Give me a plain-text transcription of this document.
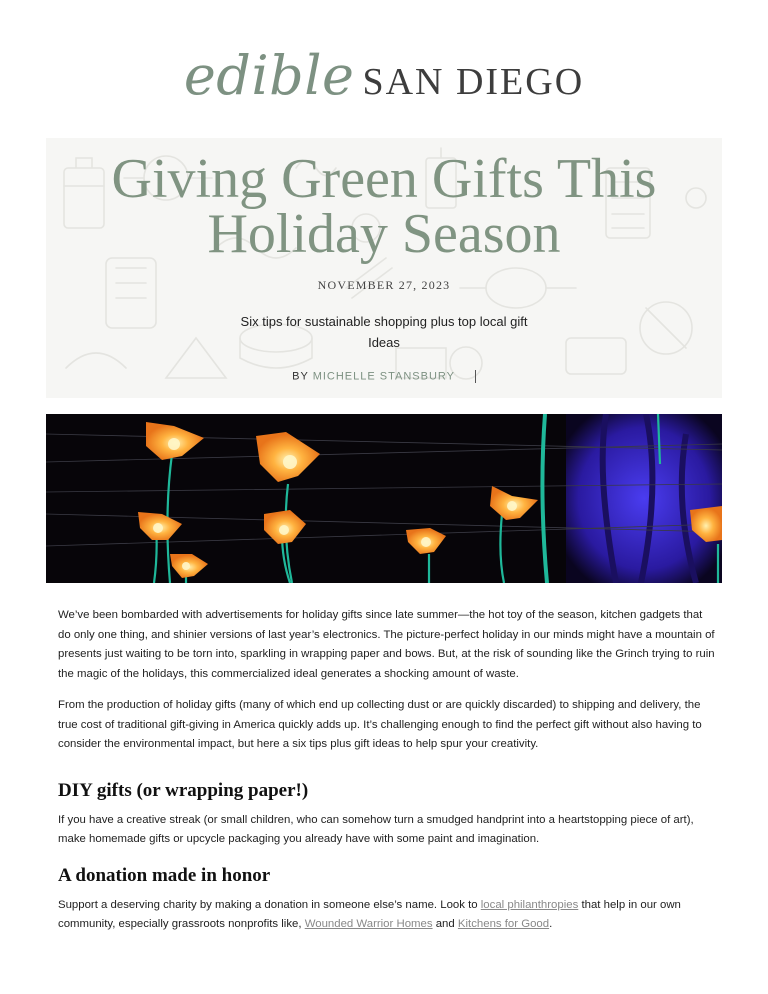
edible SAN DIEGO
Giving Green Gifts This Holiday Season
NOVEMBER 27, 2023
Six tips for sustainable shopping plus top local gift Ideas
BY MICHELLE STANSBURY

We’ve been bombarded with advertisements for holiday gifts since late summer—the hot toy of the season, kitchen gadgets that do only one thing, and shinier versions of last year’s electronics. The picture-perfect holiday in our minds might have a mountain of presents just waiting to be torn into, sparkling in wrapping paper and bows. But, at the risk of sounding like the Grinch trying to ruin the magic of the holidays, this commercialized ideal generates a shocking amount of waste.

From the production of holiday gifts (many of which end up collecting dust or are quickly discarded) to shipping and delivery, the true cost of traditional gift-giving in America quickly adds up. It’s challenging enough to find the perfect gift without also having to consider the environmental impact, but here a six tips plus gift ideas to help spur your creativity.

DIY gifts (or wrapping paper!)

If you have a creative streak (or small children, who can somehow turn a smudged handprint into a heartstopping piece of art), make homemade gifts or upcycle packaging you already have with some paint and imagination.

A donation made in honor

Support a deserving charity by making a donation in someone else’s name. Look to local philanthropies that help in our own community, especially grassroots nonprofits like, Wounded Warrior Homes and Kitchens for Good.
